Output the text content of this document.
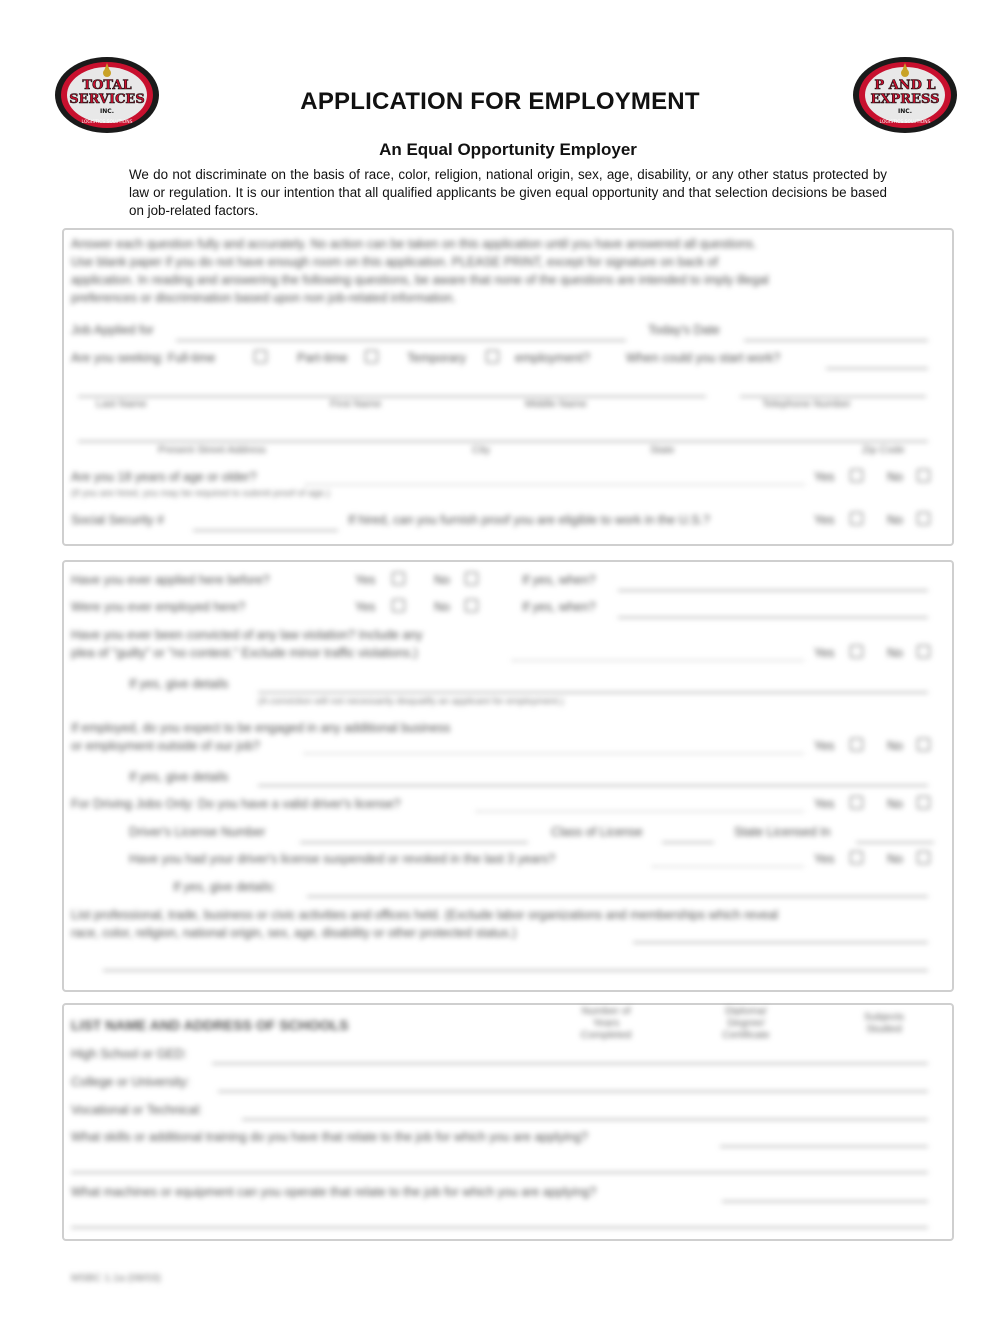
TOTAL
SERVICES
INC.
LOGISTICS SOLUTIONS
P AND L
EXPRESS
INC.
LOGISTICS SOLUTIONS
APPLICATION FOR EMPLOYMENT
An Equal Opportunity Employer
We do not discriminate on the basis of race, color, religion, national origin, sex, age, disability, or any other status protected by law or regulation. It is our intention that all qualified applicants be given equal opportunity and that selection decisions be based on job-related factors.
Answer each question fully and accurately. No action can be taken on this application until you have answered all questions.
Use blank paper if you do not have enough room on this application. PLEASE PRINT, except for signature on back of
application. In reading and answering the following questions, be aware that none of the questions are intended to imply illegal
preferences or discrimination based upon non job-related information.
Job Applied for	Today's Date
Are you seeking: Full-time	Part-time	Temporary	employment?	When could you start work?
Last Name	First Name	Middle Name	Telephone Number
Present Street Address	City	State	Zip Code
Are you 18 years of age or older?
(If you are hired, you may be required to submit proof of age.)
Yes	No
Social Security #	If hired, can you furnish proof you are eligible to work in the U.S.?	Yes	No
Have you ever applied here before?	Yes	No	If yes, when?
Were you ever employed here?	Yes	No	If yes, when?
Have you ever been convicted of any law violation? Include any
plea of "guilty" or "no contest." Exclude minor traffic violations.)	Yes	No
If yes, give details
(A conviction will not necessarily disqualify an applicant for employment.)
If employed, do you expect to be engaged in any additional business
or employment outside of our job?	Yes	No
If yes, give details
For Driving Jobs Only: Do you have a valid driver's license?	Yes	No
Driver's License Number	Class of License	State Licensed In
Have you had your driver's license suspended or revoked in the last 3 years?	Yes	No
If yes, give details:
List professional, trade, business or civic activities and offices held. (Exclude labor organizations and memberships which reveal
race, color, religion, national origin, sex, age, disability or other protected status.)
LIST NAME AND ADDRESS OF SCHOOLS
Number of Years Completed
Diploma/ Degree/ Certificate
Subjects Studied
High School or GED:
College or University:
Vocational or Technical:
What skills or additional training do you have that relate to the job for which you are applying?
What machines or equipment can you operate that relate to the job for which you are applying?
MSBC 1.1a (08/03)
